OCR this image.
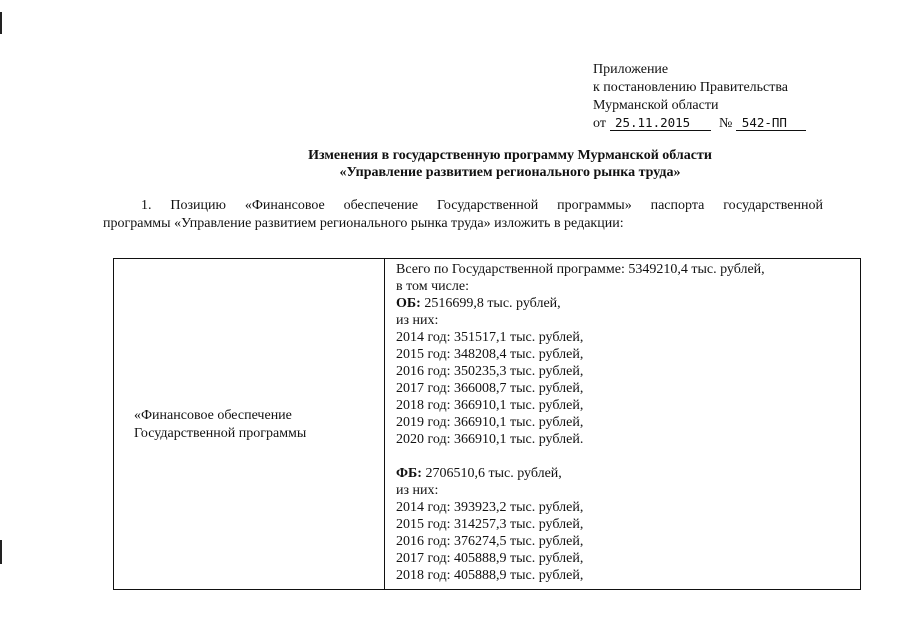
Приложение
к постановлению Правительства
Мурманской области
от 25.11.2015 № 542-ПП
Изменения в государственную программу Мурманской области
«Управление развитием регионального рынка труда»
1. Позицию «Финансовое обеспечение Государственной программы» паспорта государственной
программы «Управление развитием регионального рынка труда» изложить в редакции:
«Финансовое обеспечение
Государственной программы
Всего по Государственной программе: 5349210,4 тыс. рублей,
в том числе:
ОБ: 2516699,8 тыс. рублей,
из них:
2014 год: 351517,1 тыс. рублей,
2015 год: 348208,4 тыс. рублей,
2016 год: 350235,3 тыс. рублей,
2017 год: 366008,7 тыс. рублей,
2018 год: 366910,1 тыс. рублей,
2019 год: 366910,1 тыс. рублей,
2020 год: 366910,1 тыс. рублей.
ФБ: 2706510,6 тыс. рублей,
из них:
2014 год: 393923,2 тыс. рублей,
2015 год: 314257,3 тыс. рублей,
2016 год: 376274,5 тыс. рублей,
2017 год: 405888,9 тыс. рублей,
2018 год: 405888,9 тыс. рублей,
